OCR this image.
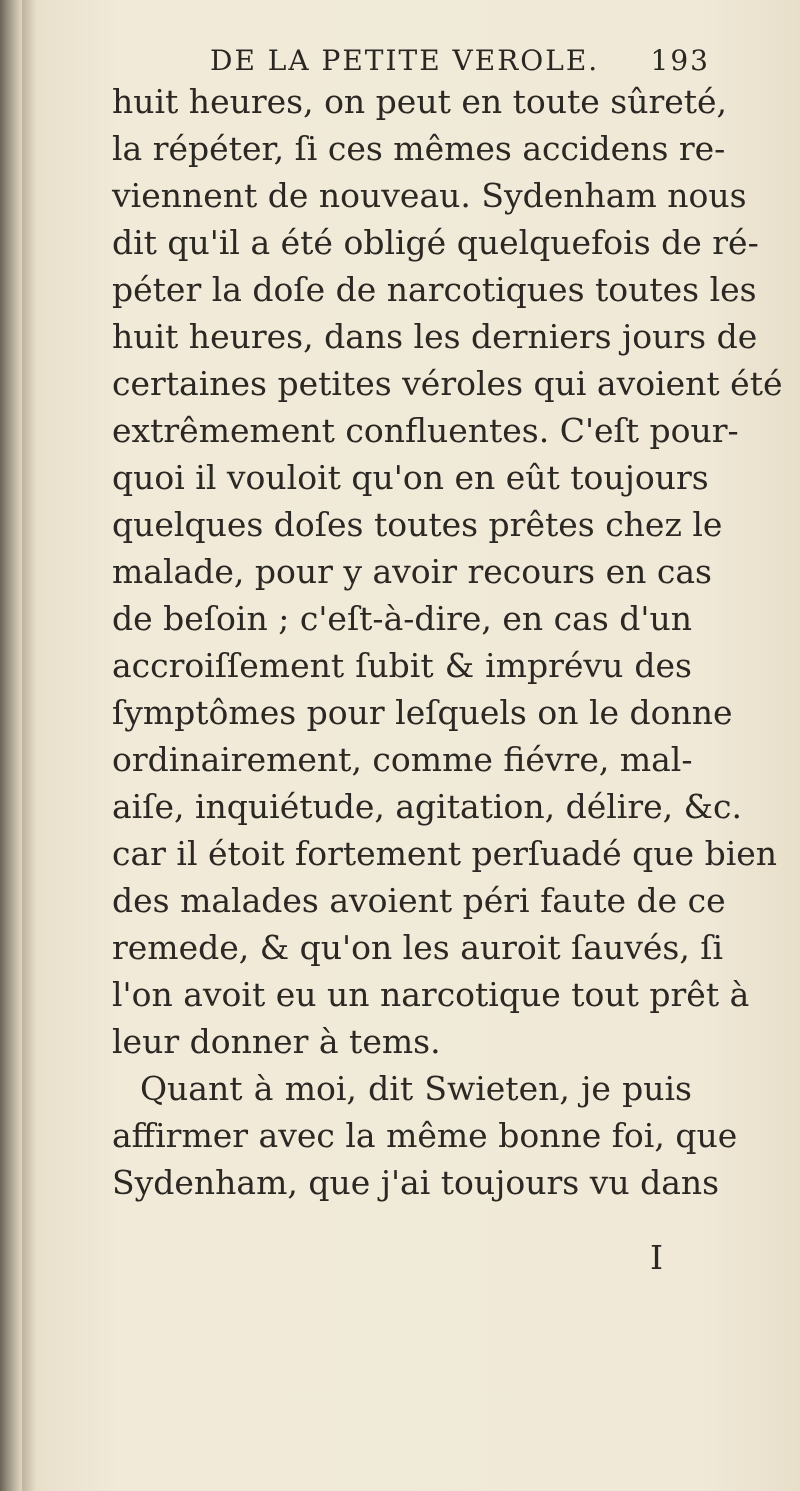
DE LA PETITE VEROLE. 193
huit heures, on peut en toute sûreté,
la répéter, ſi ces mêmes accidens re-
viennent de nouveau. Sydenham nous
dit qu'il a été obligé quelquefois de ré-
péter la doſe de narcotiques toutes les
huit heures, dans les derniers jours de
certaines petites véroles qui avoient été
extrêmement confluentes. C'eſt pour-
quoi il vouloit qu'on en eût toujours
quelques doſes toutes prêtes chez le
malade, pour y avoir recours en cas
de beſoin ; c'eſt-à-dire, en cas d'un
accroiſſement ſubit & imprévu des
ſymptômes pour leſquels on le donne
ordinairement, comme fiévre, mal-
aiſe, inquiétude, agitation, délire, &c.
car il étoit fortement perſuadé que bien
des malades avoient péri faute de ce
remede, & qu'on les auroit ſauvés, ſi
l'on avoit eu un narcotique tout prêt à
leur donner à tems.
Quant à moi, dit Swieten, je puis
affirmer avec la même bonne foi, que
Sydenham, que j'ai toujours vu dans
I
